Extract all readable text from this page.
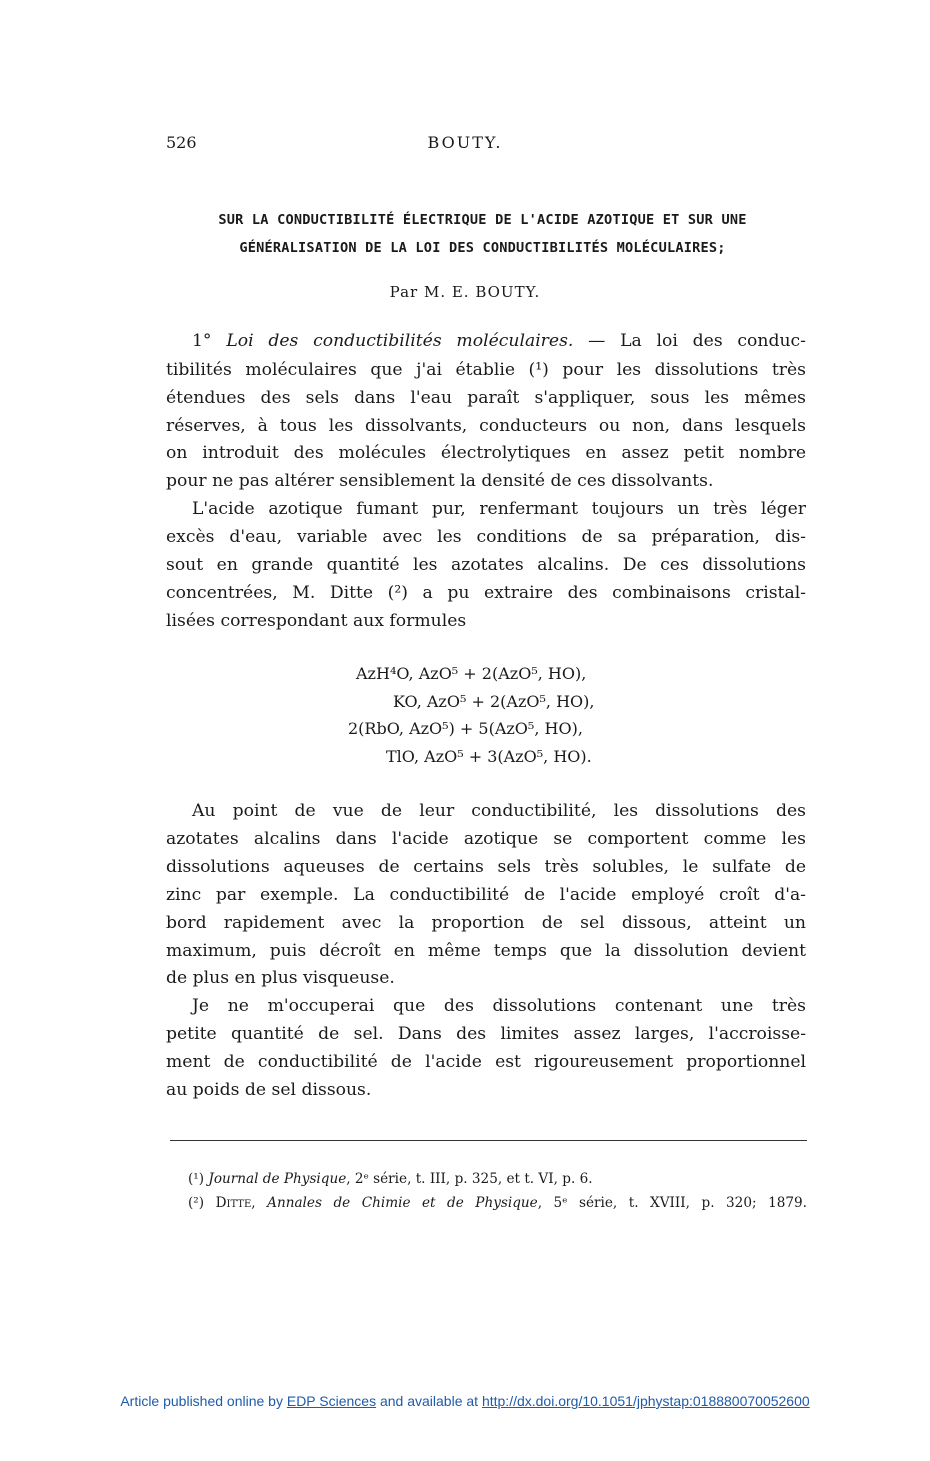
526	BOUTY.
SUR LA CONDUCTIBILITÉ ÉLECTRIQUE DE L'ACIDE AZOTIQUE ET SUR UNE
GÉNÉRALISATION DE LA LOI DES CONDUCTIBILITÉS MOLÉCULAIRES;
Par M. E. BOUTY.
1° Loi des conductibilités moléculaires. — La loi des conduc-
tibilités moléculaires que j'ai établie (¹) pour les dissolutions très
étendues des sels dans l'eau paraît s'appliquer, sous les mêmes
réserves, à tous les dissolvants, conducteurs ou non, dans lesquels
on introduit des molécules électrolytiques en assez petit nombre
pour ne pas altérer sensiblement la densité de ces dissolvants.
L'acide azotique fumant pur, renfermant toujours un très léger
excès d'eau, variable avec les conditions de sa préparation, dis-
sout en grande quantité les azotates alcalins. De ces dissolutions
concentrées, M. Ditte (²) a pu extraire des combinaisons cristal-
lisées correspondant aux formules
AzH⁴O, AzO⁵ + 2(AzO⁵, HO),
KO, AzO⁵ + 2(AzO⁵, HO),
2(RbO, AzO⁵) + 5(AzO⁵, HO),
TlO, AzO⁵ + 3(AzO⁵, HO).
Au point de vue de leur conductibilité, les dissolutions des
azotates alcalins dans l'acide azotique se comportent comme les
dissolutions aqueuses de certains sels très solubles, le sulfate de
zinc par exemple. La conductibilité de l'acide employé croît d'a-
bord rapidement avec la proportion de sel dissous, atteint un
maximum, puis décroît en même temps que la dissolution devient
de plus en plus visqueuse.
Je ne m'occuperai que des dissolutions contenant une très
petite quantité de sel. Dans des limites assez larges, l'accroisse-
ment de conductibilité de l'acide est rigoureusement proportionnel
au poids de sel dissous.
(¹) Journal de Physique, 2ᵉ série, t. III, p. 325, et t. VI, p. 6.
(²) Ditte, Annales de Chimie et de Physique, 5ᵉ série, t. XVIII, p. 320; 1879.
Article published online by EDP Sciences and available at http://dx.doi.org/10.1051/jphystap:018880070052600
